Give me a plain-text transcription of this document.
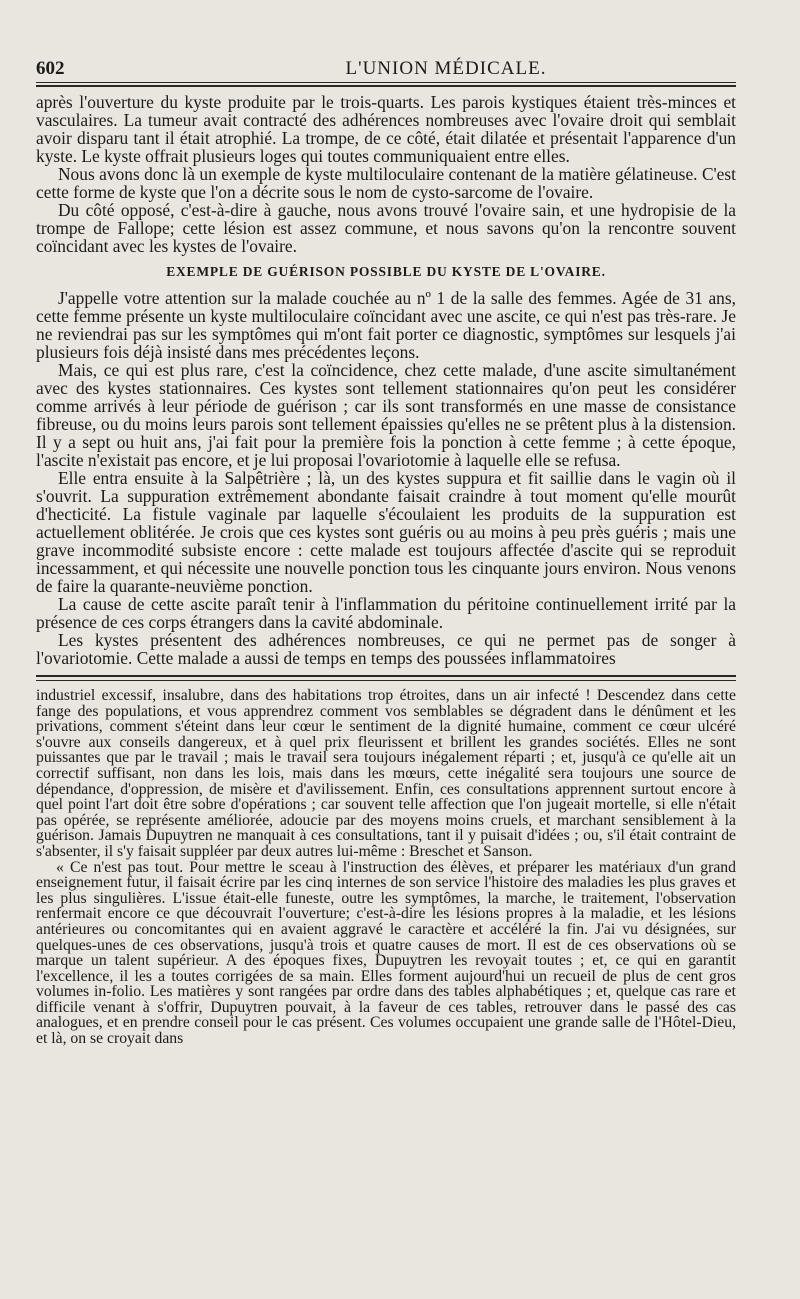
602	L'UNION MÉDICALE.

après l'ouverture du kyste produite par le trois-quarts. Les parois kystiques étaient très-minces et vasculaires. La tumeur avait contracté des adhérences nombreuses avec l'ovaire droit qui semblait avoir disparu tant il était atrophié. La trompe, de ce côté, était dilatée et présentait l'apparence d'un kyste. Le kyste offrait plusieurs loges qui toutes communiquaient entre elles.

Nous avons donc là un exemple de kyste multiloculaire contenant de la matière gélatineuse. C'est cette forme de kyste que l'on a décrite sous le nom de cysto-sarcome de l'ovaire.

Du côté opposé, c'est-à-dire à gauche, nous avons trouvé l'ovaire sain, et une hydropisie de la trompe de Fallope; cette lésion est assez commune, et nous savons qu'on la rencontre souvent coïncidant avec les kystes de l'ovaire.

EXEMPLE DE GUÉRISON POSSIBLE DU KYSTE DE L'OVAIRE.

J'appelle votre attention sur la malade couchée au nº 1 de la salle des femmes. Agée de 31 ans, cette femme présente un kyste multiloculaire coïncidant avec une ascite, ce qui n'est pas très-rare. Je ne reviendrai pas sur les symptômes qui m'ont fait porter ce diagnostic, symptômes sur lesquels j'ai plusieurs fois déjà insisté dans mes précédentes leçons.

Mais, ce qui est plus rare, c'est la coïncidence, chez cette malade, d'une ascite simultanément avec des kystes stationnaires. Ces kystes sont tellement stationnaires qu'on peut les considérer comme arrivés à leur période de guérison ; car ils sont transformés en une masse de consistance fibreuse, ou du moins leurs parois sont tellement épaissies qu'elles ne se prêtent plus à la distension. Il y a sept ou huit ans, j'ai fait pour la première fois la ponction à cette femme ; à cette époque, l'ascite n'existait pas encore, et je lui proposai l'ovariotomie à laquelle elle se refusa.

Elle entra ensuite à la Salpêtrière ; là, un des kystes suppura et fit saillie dans le vagin où il s'ouvrit. La suppuration extrêmement abondante faisait craindre à tout moment qu'elle mourût d'hecticité. La fistule vaginale par laquelle s'écoulaient les produits de la suppuration est actuellement oblitérée. Je crois que ces kystes sont guéris ou au moins à peu près guéris ; mais une grave incommodité subsiste encore : cette malade est toujours affectée d'ascite qui se reproduit incessamment, et qui nécessite une nouvelle ponction tous les cinquante jours environ. Nous venons de faire la quarante-neuvième ponction.

La cause de cette ascite paraît tenir à l'inflammation du péritoine continuellement irrité par la présence de ces corps étrangers dans la cavité abdominale.

Les kystes présentent des adhérences nombreuses, ce qui ne permet pas de songer à l'ovariotomie. Cette malade a aussi de temps en temps des poussées inflammatoires

industriel excessif, insalubre, dans des habitations trop étroites, dans un air infecté ! Descendez dans cette fange des populations, et vous apprendrez comment vos semblables se dégradent dans le dénûment et les privations, comment s'éteint dans leur cœur le sentiment de la dignité humaine, comment ce cœur ulcéré s'ouvre aux conseils dangereux, et à quel prix fleurissent et brillent les grandes sociétés. Elles ne sont puissantes que par le travail ; mais le travail sera toujours inégalement réparti ; et, jusqu'à ce qu'elle ait un correctif suffisant, non dans les lois, mais dans les mœurs, cette inégalité sera toujours une source de dépendance, d'oppression, de misère et d'avilissement. Enfin, ces consultations apprennent surtout encore à quel point l'art doit être sobre d'opérations ; car souvent telle affection que l'on jugeait mortelle, si elle n'était pas opérée, se représente améliorée, adoucie par des moyens moins cruels, et marchant sensiblement à la guérison. Jamais Dupuytren ne manquait à ces consultations, tant il y puisait d'idées ; ou, s'il était contraint de s'absenter, il s'y faisait suppléer par deux autres lui-même : Breschet et Sanson.

« Ce n'est pas tout. Pour mettre le sceau à l'instruction des élèves, et préparer les matériaux d'un grand enseignement futur, il faisait écrire par les cinq internes de son service l'histoire des maladies les plus graves et les plus singulières. L'issue était-elle funeste, outre les symptômes, la marche, le traitement, l'observation renfermait encore ce que découvrait l'ouverture; c'est-à-dire les lésions propres à la maladie, et les lésions antérieures ou concomitantes qui en avaient aggravé le caractère et accéléré la fin. J'ai vu désignées, sur quelques-unes de ces observations, jusqu'à trois et quatre causes de mort. Il est de ces observations où se marque un talent supérieur. A des époques fixes, Dupuytren les revoyait toutes ; et, ce qui en garantit l'excellence, il les a toutes corrigées de sa main. Elles forment aujourd'hui un recueil de plus de cent gros volumes in-folio. Les matières y sont rangées par ordre dans des tables alphabétiques ; et, quelque cas rare et difficile venant à s'offrir, Dupuytren pouvait, à la faveur de ces tables, retrouver dans le passé des cas analogues, et en prendre conseil pour le cas présent. Ces volumes occupaient une grande salle de l'Hôtel-Dieu, et là, on se croyait dans
